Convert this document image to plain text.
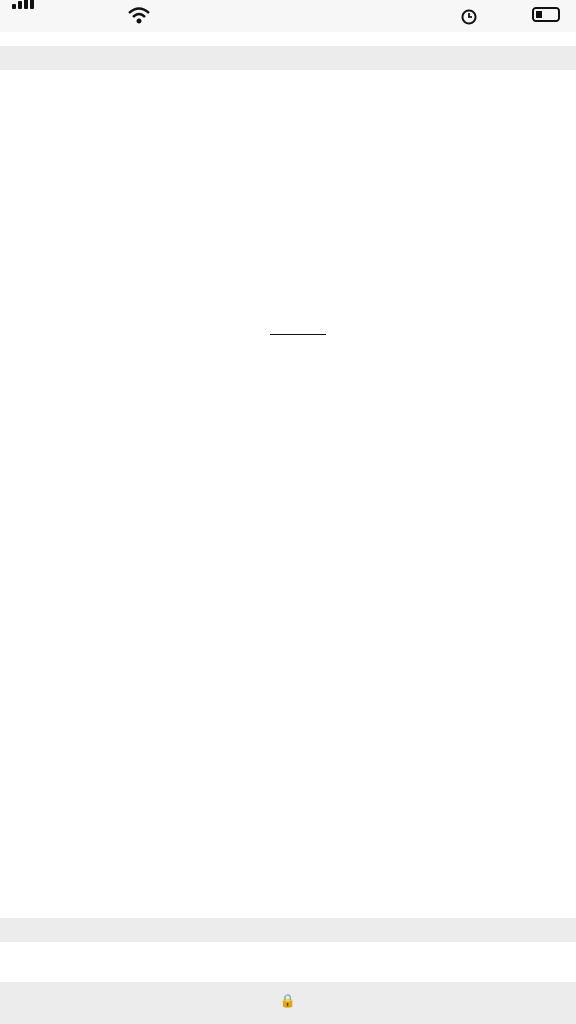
🔒
